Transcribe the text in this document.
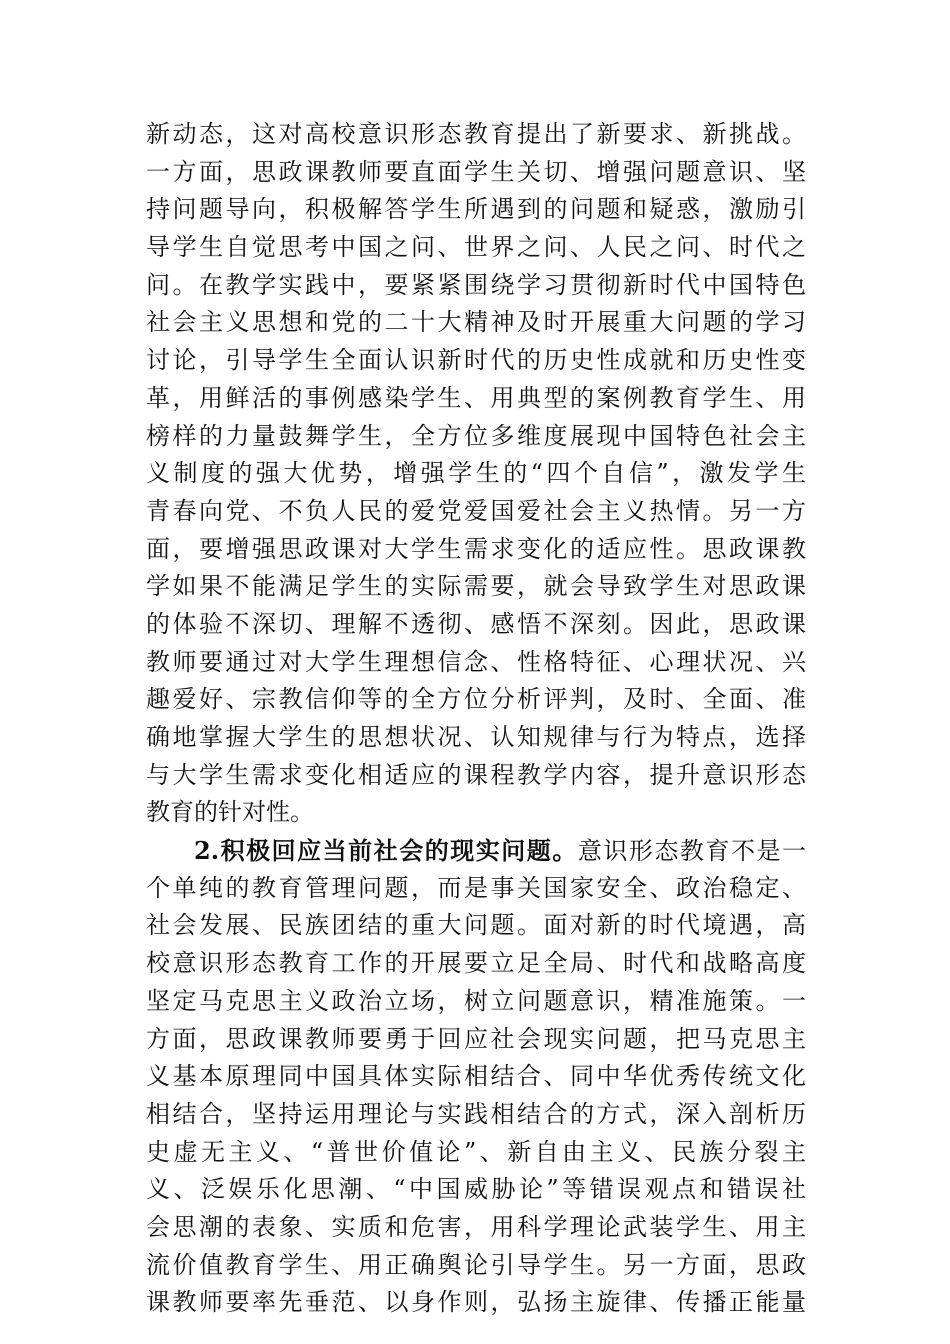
新动态，这对高校意识形态教育提出了新要求、新挑战。
一方面，思政课教师要直面学生关切、增强问题意识、坚
持问题导向，积极解答学生所遇到的问题和疑惑，激励引
导学生自觉思考中国之问、世界之问、人民之问、时代之
问。在教学实践中，要紧紧围绕学习贯彻新时代中国特色
社会主义思想和党的二十大精神及时开展重大问题的学习
讨论，引导学生全面认识新时代的历史性成就和历史性变
革，用鲜活的事例感染学生、用典型的案例教育学生、用
榜样的力量鼓舞学生，全方位多维度展现中国特色社会主
义制度的强大优势，增强学生的“四个自信”，激发学生
青春向党、不负人民的爱党爱国爱社会主义热情。另一方
面，要增强思政课对大学生需求变化的适应性。思政课教
学如果不能满足学生的实际需要，就会导致学生对思政课
的体验不深切、理解不透彻、感悟不深刻。因此，思政课
教师要通过对大学生理想信念、性格特征、心理状况、兴
趣爱好、宗教信仰等的全方位分析评判，及时、全面、准
确地掌握大学生的思想状况、认知规律与行为特点，选择
与大学生需求变化相适应的课程教学内容，提升意识形态
教育的针对性。
2.积极回应当前社会的现实问题。意识形态教育不是一
个单纯的教育管理问题，而是事关国家安全、政治稳定、
社会发展、民族团结的重大问题。面对新的时代境遇，高
校意识形态教育工作的开展要立足全局、时代和战略高度
坚定马克思主义政治立场，树立问题意识，精准施策。一
方面，思政课教师要勇于回应社会现实问题，把马克思主
义基本原理同中国具体实际相结合、同中华优秀传统文化
相结合，坚持运用理论与实践相结合的方式，深入剖析历
史虚无主义、“普世价值论”、新自由主义、民族分裂主
义、泛娱乐化思潮、“中国威胁论”等错误观点和错误社
会思潮的表象、实质和危害，用科学理论武装学生、用主
流价值教育学生、用正确舆论引导学生。另一方面，思政
课教师要率先垂范、以身作则，弘扬主旋律、传播正能量
